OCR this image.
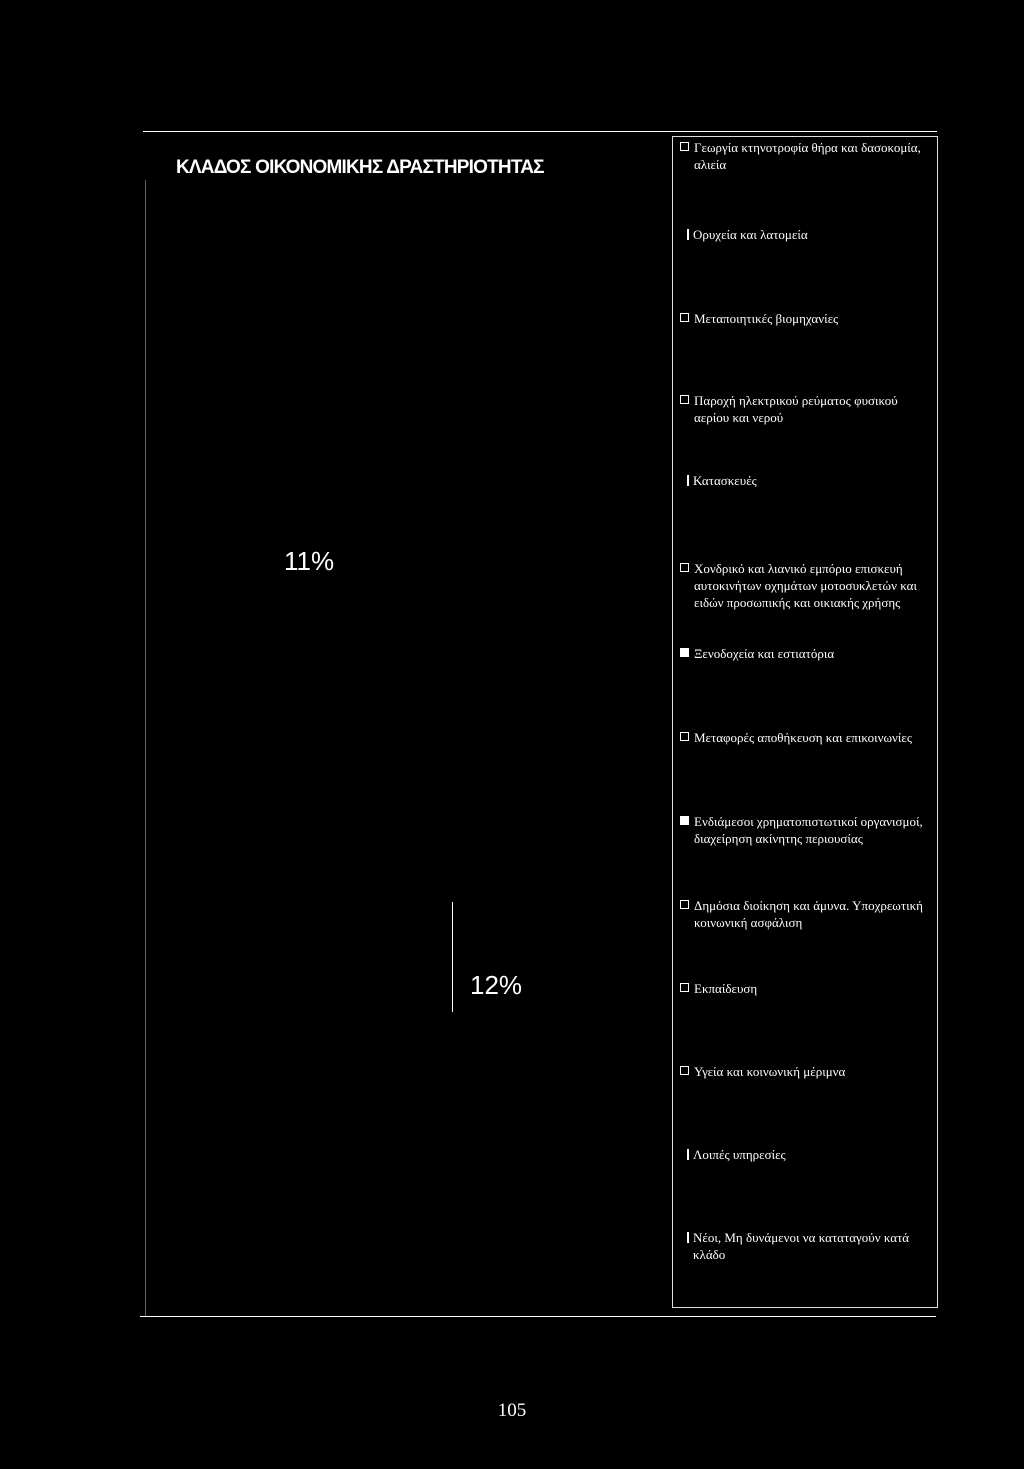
ΚΛΑΔΟΣ ΟΙΚΟΝΟΜΙΚΗΣ ΔΡΑΣΤΗΡΙΟΤΗΤΑΣ
11%
12%
Γεωργία κτηνοτροφία θήρα και δασοκομία, αλιεία
Ορυχεία και λατομεία
Μεταποιητικές βιομηχανίες
Παροχή ηλεκτρικού ρεύματος φυσικού αερίου και νερού
Κατασκευές
Χονδρικό και λιανικό εμπόριο επισκευή αυτοκινήτων οχημάτων μοτοσυκλετών και ειδών προσωπικής και οικιακής χρήσης
Ξενοδοχεία και εστιατόρια
Μεταφορές αποθήκευση και επικοινωνίες
Ενδιάμεσοι χρηματοπιστωτικοί οργανισμοί, διαχείρηση ακίνητης περιουσίας
Δημόσια διοίκηση και άμυνα. Υποχρεωτική κοινωνική ασφάλιση
Εκπαίδευση
Υγεία και κοινωνική μέριμνα
Λοιπές υπηρεσίες
Νέοι, Μη δυνάμενοι να καταταγούν κατά κλάδο
105
